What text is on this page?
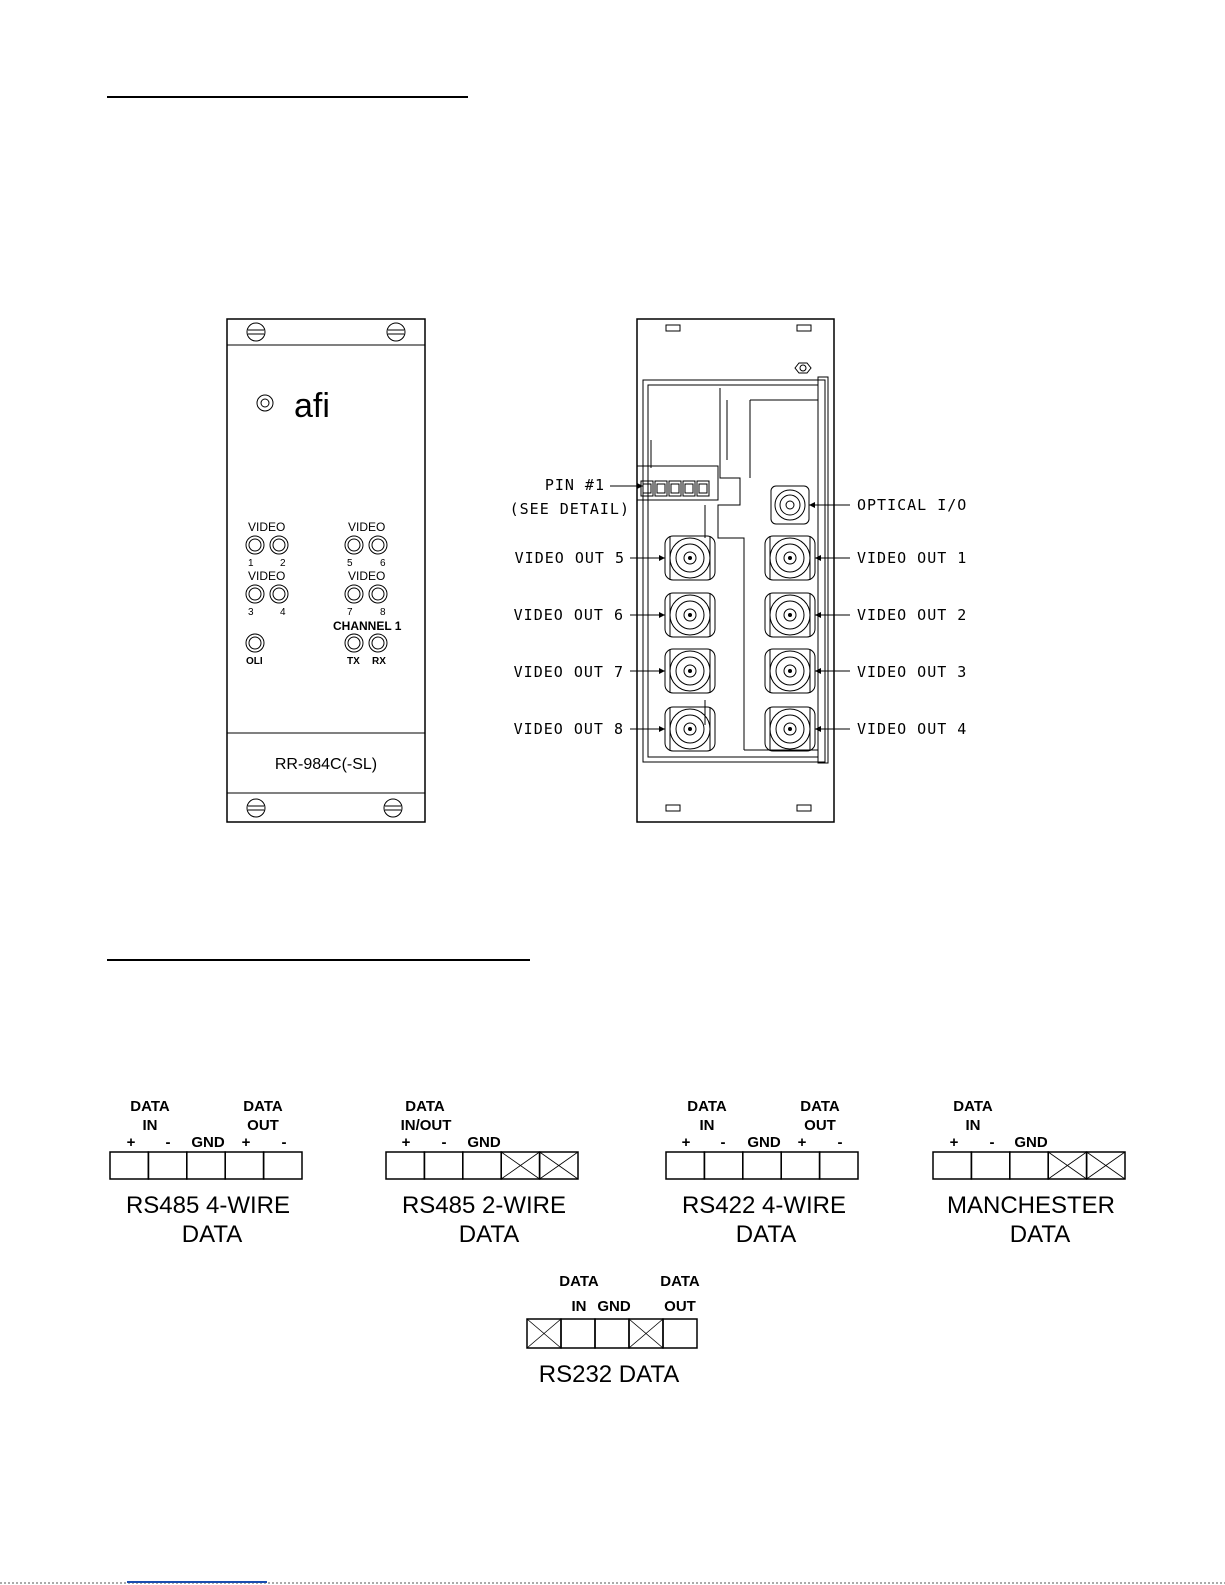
afi
VIDEO
1	2
VIDEO
5	6
VIDEO
3	4
VIDEO
7	8
CHANNEL 1
OLI	TX RX
RR-984C(-SL)
PIN #1
(SEE DETAIL)	OPTICAL I/O
VIDEO OUT 5
VIDEO OUT 6
VIDEO OUT 7
VIDEO OUT 8
VIDEO OUT 1
VIDEO OUT 2
VIDEO OUT 3
VIDEO OUT 4
DATA
IN
DATA
OUT
+ - GND + -
RS485 4-WIRE
DATA
DATA
IN/OUT
+ - GND
RS485 2-WIRE
DATA
DATA
IN
DATA
OUT
+ - GND + -
RS422 4-WIRE
DATA
DATA
IN
+ - GND
MANCHESTER
DATA
DATA
IN GND
DATA
OUT
RS232 DATA
